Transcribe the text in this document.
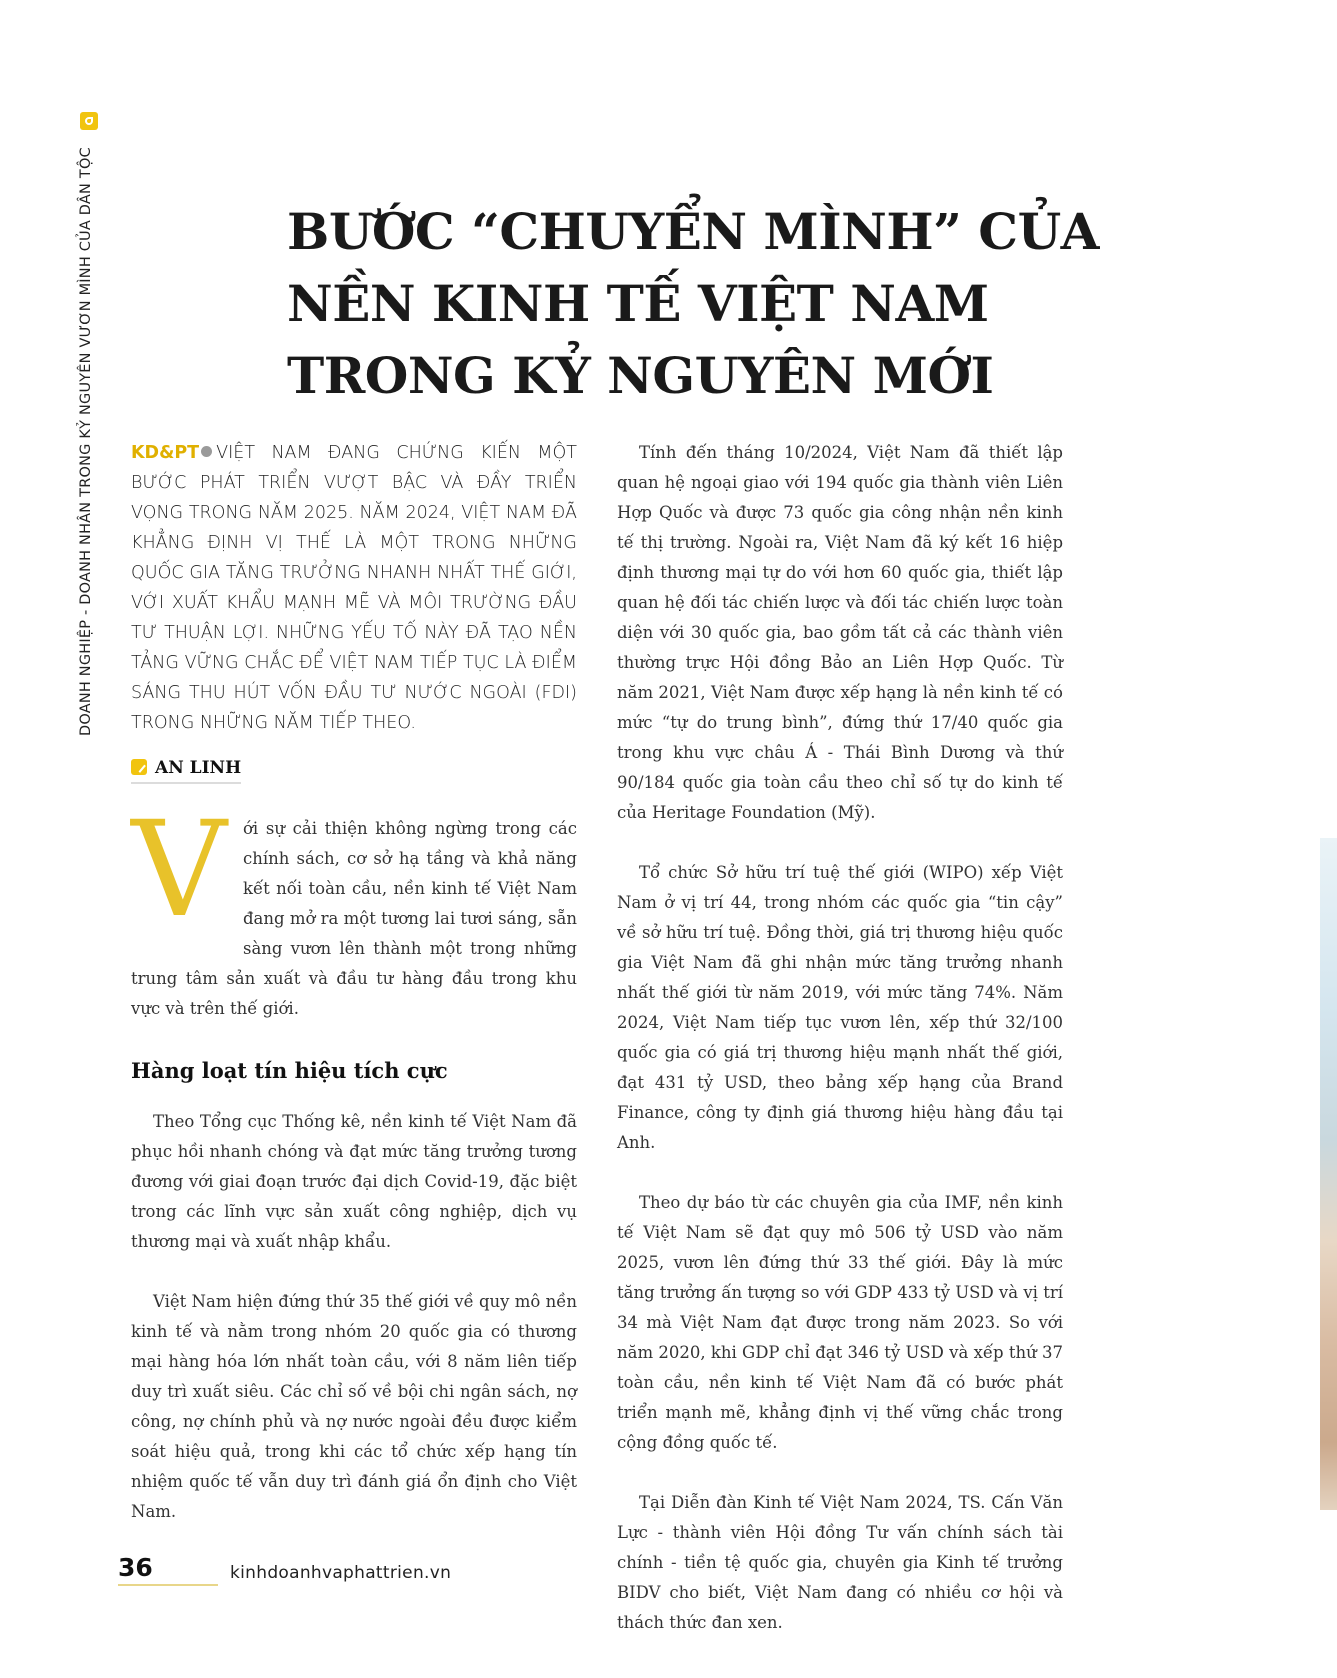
DOANH NGHIỆP - DOANH NHÂN TRONG KỶ NGUYÊN VƯƠN MÌNH CỦA DÂN TỘC	BƯỚC “CHUYỂN MÌNH” CỦA
NỀN KINH TẾ VIỆT NAM
TRONG KỶ NGUYÊN MỚI

KD&PT VIỆT NAM ĐANG CHỨNG KIẾN MỘT BƯỚC PHÁT TRIỂN VƯỢT BẬC VÀ ĐẦY TRIỂN VỌNG TRONG NĂM 2025. NĂM 2024, VIỆT NAM ĐÃ KHẲNG ĐỊNH VỊ THẾ LÀ MỘT TRONG NHỮNG QUỐC GIA TĂNG TRƯỞNG NHANH NHẤT THẾ GIỚI, VỚI XUẤT KHẨU MẠNH MẼ VÀ MÔI TRƯỜNG ĐẦU TƯ THUẬN LỢI. NHỮNG YẾU TỐ NÀY ĐÃ TẠO NỀN TẢNG VỮNG CHẮC ĐỂ VIỆT NAM TIẾP TỤC LÀ ĐIỂM SÁNG THU HÚT VỐN ĐẦU TƯ NƯỚC NGOÀI (FDI) TRONG NHỮNG NĂM TIẾP THEO.

AN LINH
V ới sự cải thiện không ngừng trong các chính sách, cơ sở hạ tầng và khả năng kết nối toàn cầu, nền kinh tế Việt Nam đang mở ra một tương lai tươi sáng, sẵn sàng vươn lên thành một trong những trung tâm sản xuất và đầu tư hàng đầu trong khu vực và trên thế giới.

Hàng loạt tín hiệu tích cực

Theo Tổng cục Thống kê, nền kinh tế Việt Nam đã phục hồi nhanh chóng và đạt mức tăng trưởng tương đương với giai đoạn trước đại dịch Covid-19, đặc biệt trong các lĩnh vực sản xuất công nghiệp, dịch vụ thương mại và xuất nhập khẩu.

Việt Nam hiện đứng thứ 35 thế giới về quy mô nền kinh tế và nằm trong nhóm 20 quốc gia có thương mại hàng hóa lớn nhất toàn cầu, với 8 năm liên tiếp duy trì xuất siêu. Các chỉ số về bội chi ngân sách, nợ công, nợ chính phủ và nợ nước ngoài đều được kiểm soát hiệu quả, trong khi các tổ chức xếp hạng tín nhiệm quốc tế vẫn duy trì đánh giá ổn định cho Việt Nam.

Tính đến tháng 10/2024, Việt Nam đã thiết lập quan hệ ngoại giao với 194 quốc gia thành viên Liên Hợp Quốc và được 73 quốc gia công nhận nền kinh tế thị trường. Ngoài ra, Việt Nam đã ký kết 16 hiệp định thương mại tự do với hơn 60 quốc gia, thiết lập quan hệ đối tác chiến lược và đối tác chiến lược toàn diện với 30 quốc gia, bao gồm tất cả các thành viên thường trực Hội đồng Bảo an Liên Hợp Quốc. Từ năm 2021, Việt Nam được xếp hạng là nền kinh tế có mức “tự do trung bình”, đứng thứ 17/40 quốc gia trong khu vực châu Á - Thái Bình Dương và thứ 90/184 quốc gia toàn cầu theo chỉ số tự do kinh tế của Heritage Foundation (Mỹ).

Tổ chức Sở hữu trí tuệ thế giới (WIPO) xếp Việt Nam ở vị trí 44, trong nhóm các quốc gia “tin cậy” về sở hữu trí tuệ. Đồng thời, giá trị thương hiệu quốc gia Việt Nam đã ghi nhận mức tăng trưởng nhanh nhất thế giới từ năm 2019, với mức tăng 74%. Năm 2024, Việt Nam tiếp tục vươn lên, xếp thứ 32/100 quốc gia có giá trị thương hiệu mạnh nhất thế giới, đạt 431 tỷ USD, theo bảng xếp hạng của Brand Finance, công ty định giá thương hiệu hàng đầu tại Anh.

Theo dự báo từ các chuyên gia của IMF, nền kinh tế Việt Nam sẽ đạt quy mô 506 tỷ USD vào năm 2025, vươn lên đứng thứ 33 thế giới. Đây là mức tăng trưởng ấn tượng so với GDP 433 tỷ USD và vị trí 34 mà Việt Nam đạt được trong năm 2023. So với năm 2020, khi GDP chỉ đạt 346 tỷ USD và xếp thứ 37 toàn cầu, nền kinh tế Việt Nam đã có bước phát triển mạnh mẽ, khẳng định vị thế vững chắc trong cộng đồng quốc tế.

Tại Diễn đàn Kinh tế Việt Nam 2024, TS. Cấn Văn Lực - thành viên Hội đồng Tư vấn chính sách tài chính - tiền tệ quốc gia, chuyên gia Kinh tế trưởng BIDV cho biết, Việt Nam đang có nhiều cơ hội và thách thức đan xen.

36	kinhdoanhvaphattrien.vn
